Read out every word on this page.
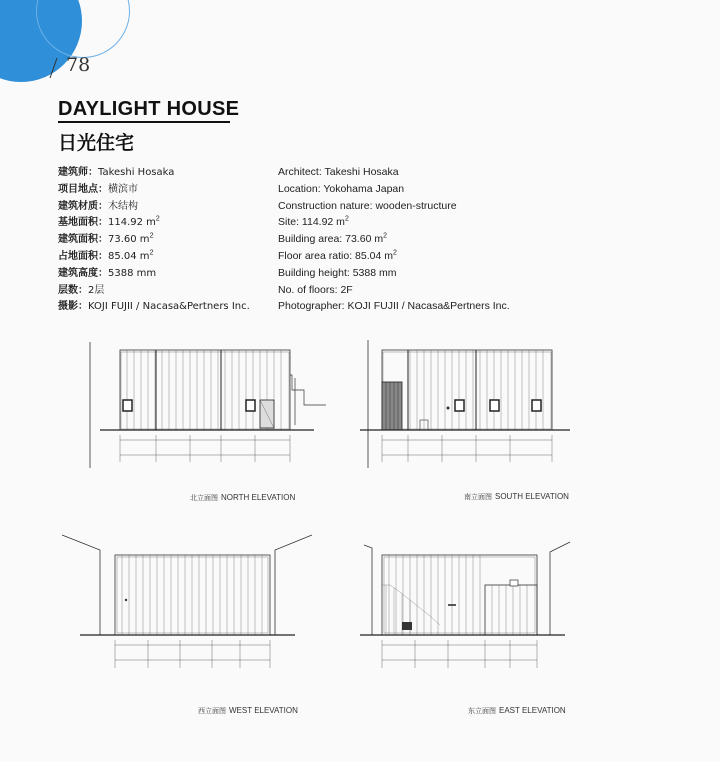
78
DAYLIGHT HOUSE
日光住宅
建筑师：Takeshi Hosaka
项目地点：横滨市
建筑材质：木结构
基地面积：114.92 $m^2$
建筑面积：73.60 $m^2$
占地面积：85.04 $m^2$
建筑高度：5388 mm
层数：2层
摄影：KOJI FUJII / Nacasa&Pertners Inc.
Architect: Takeshi Hosaka
Location: Yokohama Japan
Construction nature: wooden-structure
Site: 114.92 $m^2$
Building area: 73.60 $m^2$
Floor area ratio: 85.04 $m^2$
Building height: 5388 mm
No. of floors: 2F
Photographer: KOJI FUJII / Nacasa&Pertners Inc.
北立面图 NORTH ELEVATION	南立面图 SOUTH ELEVATION
西立面图 WEST ELEVATION	东立面图 EAST ELEVATION
